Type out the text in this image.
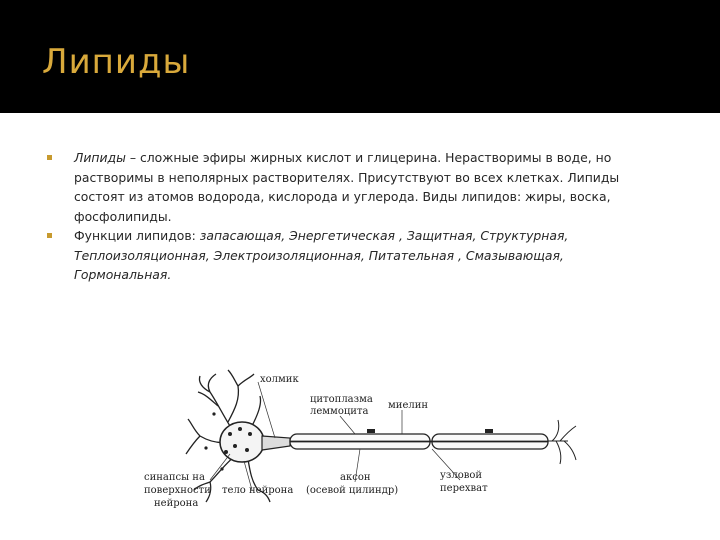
Липиды
Липиды – сложные эфиры жирных кислот и глицерина. Нерастворимы в воде, но растворимы в неполярных растворителях. Присутствуют во всех клетках. Липиды состоят из атомов водорода, кислорода и углерода. Виды липидов: жиры, воска, фосфолипиды.
Функции липидов: запасающая, Энергетическая , Защитная, Структурная, Теплоизоляционная, Электроизоляционная, Питательная , Смазывающая, Гормональная.
холмик
цитоплазма
леммоцита
миелин
синапсы на
поверхности
нейрона
тело нейрона
аксон
(осевой цилиндр)
узловой
перехват
